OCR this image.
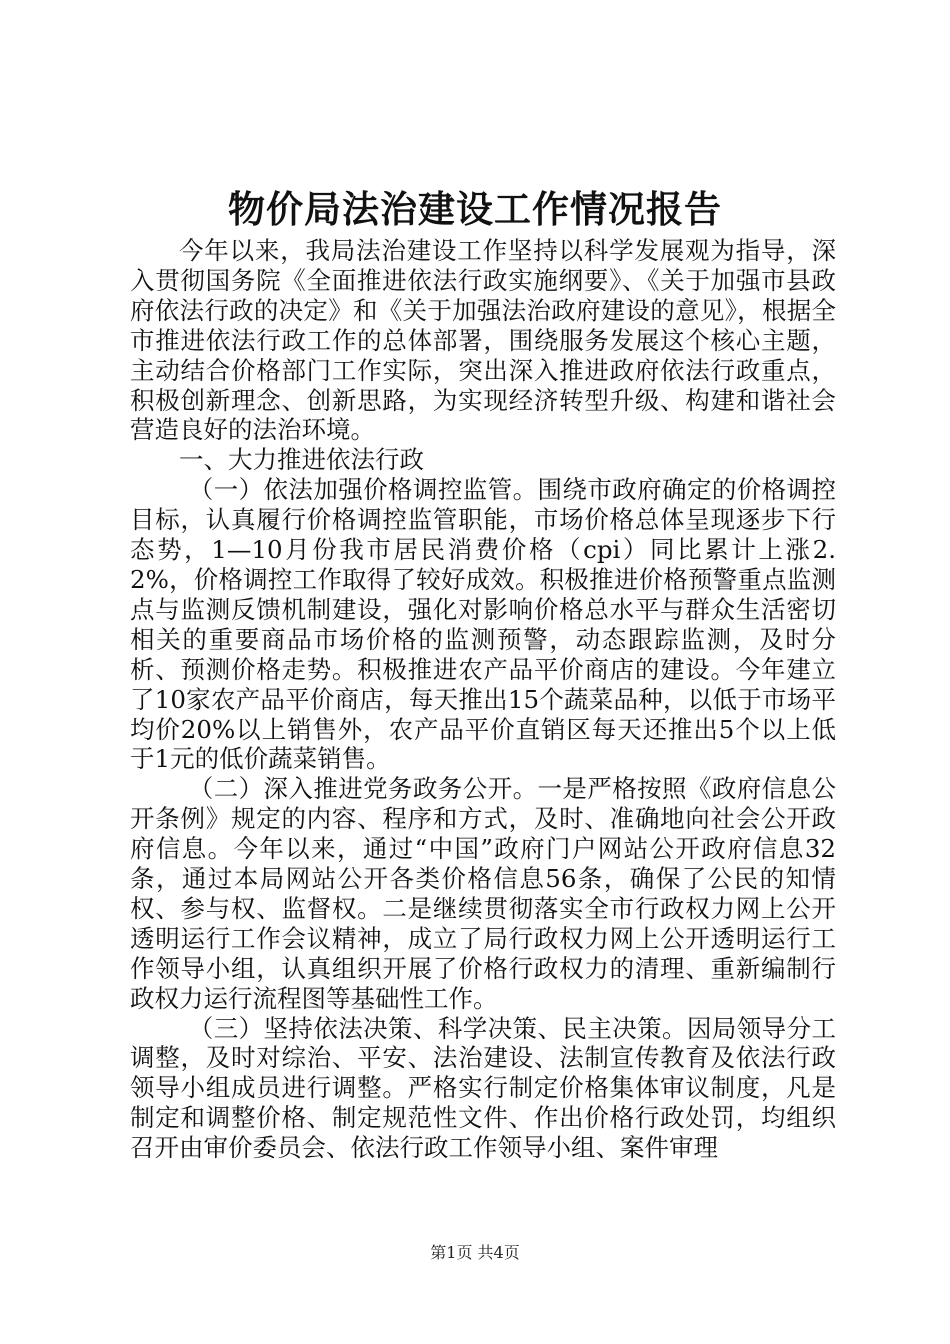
物价局法治建设工作情况报告

今年以来，我局法治建设工作坚持以科学发展观为指导，深入贯彻国务院《全面推进依法行政实施纲要》、《关于加强市县政府依法行政的决定》和《关于加强法治政府建设的意见》，根据全市推进依法行政工作的总体部署，围绕服务发展这个核心主题，主动结合价格部门工作实际，突出深入推进政府依法行政重点，积极创新理念、创新思路，为实现经济转型升级、构建和谐社会营造良好的法治环境。

一、大力推进依法行政

（一）依法加强价格调控监管。围绕市政府确定的价格调控目标，认真履行价格调控监管职能，市场价格总体呈现逐步下行态势，1—10月份我市居民消费价格（cpi）同比累计上涨2.2%，价格调控工作取得了较好成效。积极推进价格预警重点监测点与监测反馈机制建设，强化对影响价格总水平与群众生活密切相关的重要商品市场价格的监测预警，动态跟踪监测，及时分析、预测价格走势。积极推进农产品平价商店的建设。今年建立了10家农产品平价商店，每天推出15个蔬菜品种，以低于市场平均价20%以上销售外，农产品平价直销区每天还推出5个以上低于1元的低价蔬菜销售。

（二）深入推进党务政务公开。一是严格按照《政府信息公开条例》规定的内容、程序和方式，及时、准确地向社会公开政府信息。今年以来，通过“中国”政府门户网站公开政府信息32条，通过本局网站公开各类价格信息56条，确保了公民的知情权、参与权、监督权。二是继续贯彻落实全市行政权力网上公开透明运行工作会议精神，成立了局行政权力网上公开透明运行工作领导小组，认真组织开展了价格行政权力的清理、重新编制行政权力运行流程图等基础性工作。

（三）坚持依法决策、科学决策、民主决策。因局领导分工调整，及时对综治、平安、法治建设、法制宣传教育及依法行政领导小组成员进行调整。严格实行制定价格集体审议制度，凡是制定和调整价格、制定规范性文件、作出价格行政处罚，均组织召开由审价委员会、依法行政工作领导小组、案件审理

第1页 共4页
